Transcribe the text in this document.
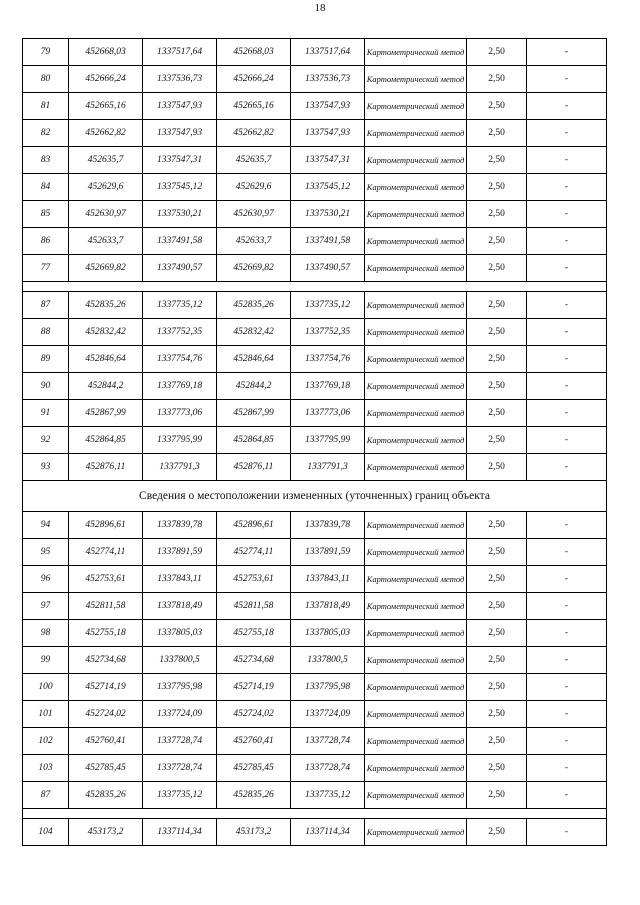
18
79	452668,03	1337517,64	452668,03	1337517,64	Картометрический метод	2,50	-
80	452666,24	1337536,73	452666,24	1337536,73	Картометрический метод	2,50	-
81	452665,16	1337547,93	452665,16	1337547,93	Картометрический метод	2,50	-
82	452662,82	1337547,93	452662,82	1337547,93	Картометрический метод	2,50	-
83	452635,7	1337547,31	452635,7	1337547,31	Картометрический метод	2,50	-
84	452629,6	1337545,12	452629,6	1337545,12	Картометрический метод	2,50	-
85	452630,97	1337530,21	452630,97	1337530,21	Картометрический метод	2,50	-
86	452633,7	1337491,58	452633,7	1337491,58	Картометрический метод	2,50	-
77	452669,82	1337490,57	452669,82	1337490,57	Картометрический метод	2,50	-

87	452835,26	1337735,12	452835,26	1337735,12	Картометрический метод	2,50	-
88	452832,42	1337752,35	452832,42	1337752,35	Картометрический метод	2,50	-
89	452846,64	1337754,76	452846,64	1337754,76	Картометрический метод	2,50	-
90	452844,2	1337769,18	452844,2	1337769,18	Картометрический метод	2,50	-
91	452867,99	1337773,06	452867,99	1337773,06	Картометрический метод	2,50	-
92	452864,85	1337795,99	452864,85	1337795,99	Картометрический метод	2,50	-
93	452876,11	1337791,3	452876,11	1337791,3	Картометрический метод	2,50	-
Сведения о местоположении измененных (уточненных) границ объекта							
94	452896,61	1337839,78	452896,61	1337839,78	Картометрический метод	2,50	-
95	452774,11	1337891,59	452774,11	1337891,59	Картометрический метод	2,50	-
96	452753,61	1337843,11	452753,61	1337843,11	Картометрический метод	2,50	-
97	452811,58	1337818,49	452811,58	1337818,49	Картометрический метод	2,50	-
98	452755,18	1337805,03	452755,18	1337805,03	Картометрический метод	2,50	-
99	452734,68	1337800,5	452734,68	1337800,5	Картометрический метод	2,50	-
100	452714,19	1337795,98	452714,19	1337795,98	Картометрический метод	2,50	-
101	452724,02	1337724,09	452724,02	1337724,09	Картометрический метод	2,50	-
102	452760,41	1337728,74	452760,41	1337728,74	Картометрический метод	2,50	-
103	452785,45	1337728,74	452785,45	1337728,74	Картометрический метод	2,50	-
87	452835,26	1337735,12	452835,26	1337735,12	Картометрический метод	2,50	-

104	453173,2	1337114,34	453173,2	1337114,34	Картометрический метод	2,50	-
